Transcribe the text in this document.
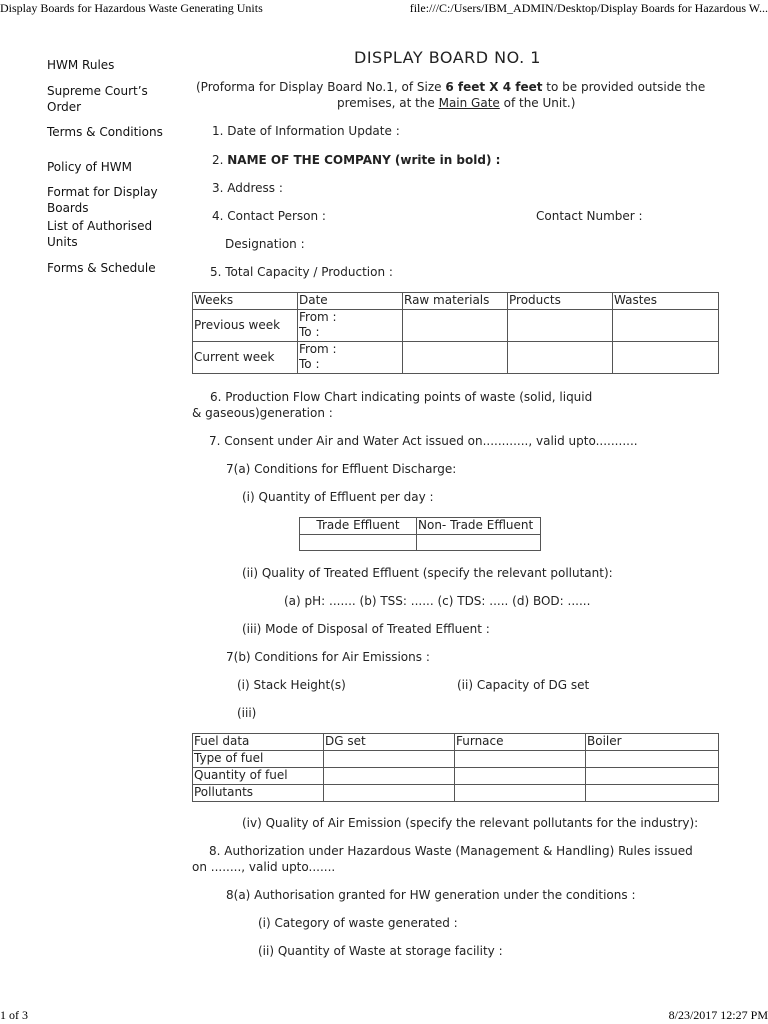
Display Boards for Hazardous Waste Generating Units	file:///C:/Users/IBM_ADMIN/Desktop/Display Boards for Hazardous W...
1 of 3	8/23/2017 12:27 PM
HWM Rules
Supreme Court’s Order
Terms & Conditions
Policy of HWM
Format for Display Boards
List of Authorised Units
Forms & Schedule
DISPLAY BOARD NO. 1
(Proforma for Display Board No.1, of Size 6 feet X 4 feet to be provided outside the
premises, at the Main Gate of the Unit.)
1. Date of Information Update :
2. NAME OF THE COMPANY (write in bold) :
3. Address :
4. Contact Person :	Contact Number :
Designation :
5. Total Capacity / Production :
Weeks	Date	Raw materials	Products	Wastes
Previous week	From :
To :			

Current week	From :
To :			

6. Production Flow Chart indicating points of waste (solid, liquid
& gaseous)generation :
7. Consent under Air and Water Act issued on............, valid upto...........
7(a) Conditions for Effluent Discharge:
(i) Quantity of Effluent per day :
Trade Effluent	Non- Trade Effluent

(ii) Quality of Treated Effluent (specify the relevant pollutant):
(a) pH: ....... (b) TSS: ...... (c) TDS: ..... (d) BOD: ......
(iii) Mode of Disposal of Treated Effluent :
7(b) Conditions for Air Emissions :
(i) Stack Height(s)	(ii) Capacity of DG set
(iii)
Fuel data	DG set	Furnace	Boiler
Type of fuel			
Quantity of fuel			
Pollutants			
(iv) Quality of Air Emission (specify the relevant pollutants for the industry):
8. Authorization under Hazardous Waste (Management & Handling) Rules issued
on ........, valid upto.......
8(a) Authorisation granted for HW generation under the conditions :
(i) Category of waste generated :
(ii) Quantity of Waste at storage facility :
